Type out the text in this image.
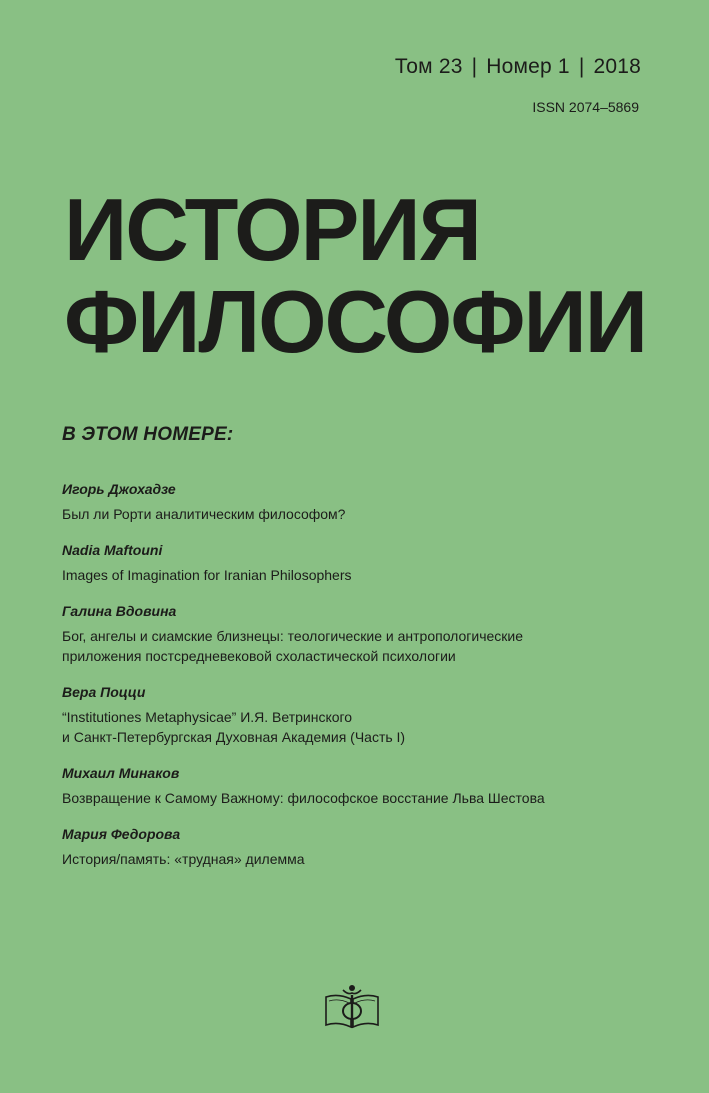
Том 23 | Номер 1 | 2018
ISSN 2074–5869
ИСТОРИЯ
ФИЛОСОФИИ
В ЭТОМ НОМЕРЕ:
Игорь Джохадзе
Был ли Рорти аналитическим философом?
Nadia Maftouni
Images of Imagination for Iranian Philosophers
Галина Вдовина
Бог, ангелы и сиамские близнецы: теологические и антропологические
приложения постсредневековой схоластической психологии
Вера Поцци
“Institutiones Metaphysicae” И.Я. Ветринского
и Санкт-Петербургская Духовная Академия (Часть I)
Михаил Минаков
Возвращение к Самому Важному: философское восстание Льва Шестова
Мария Федорова
История/память: «трудная» дилемма
